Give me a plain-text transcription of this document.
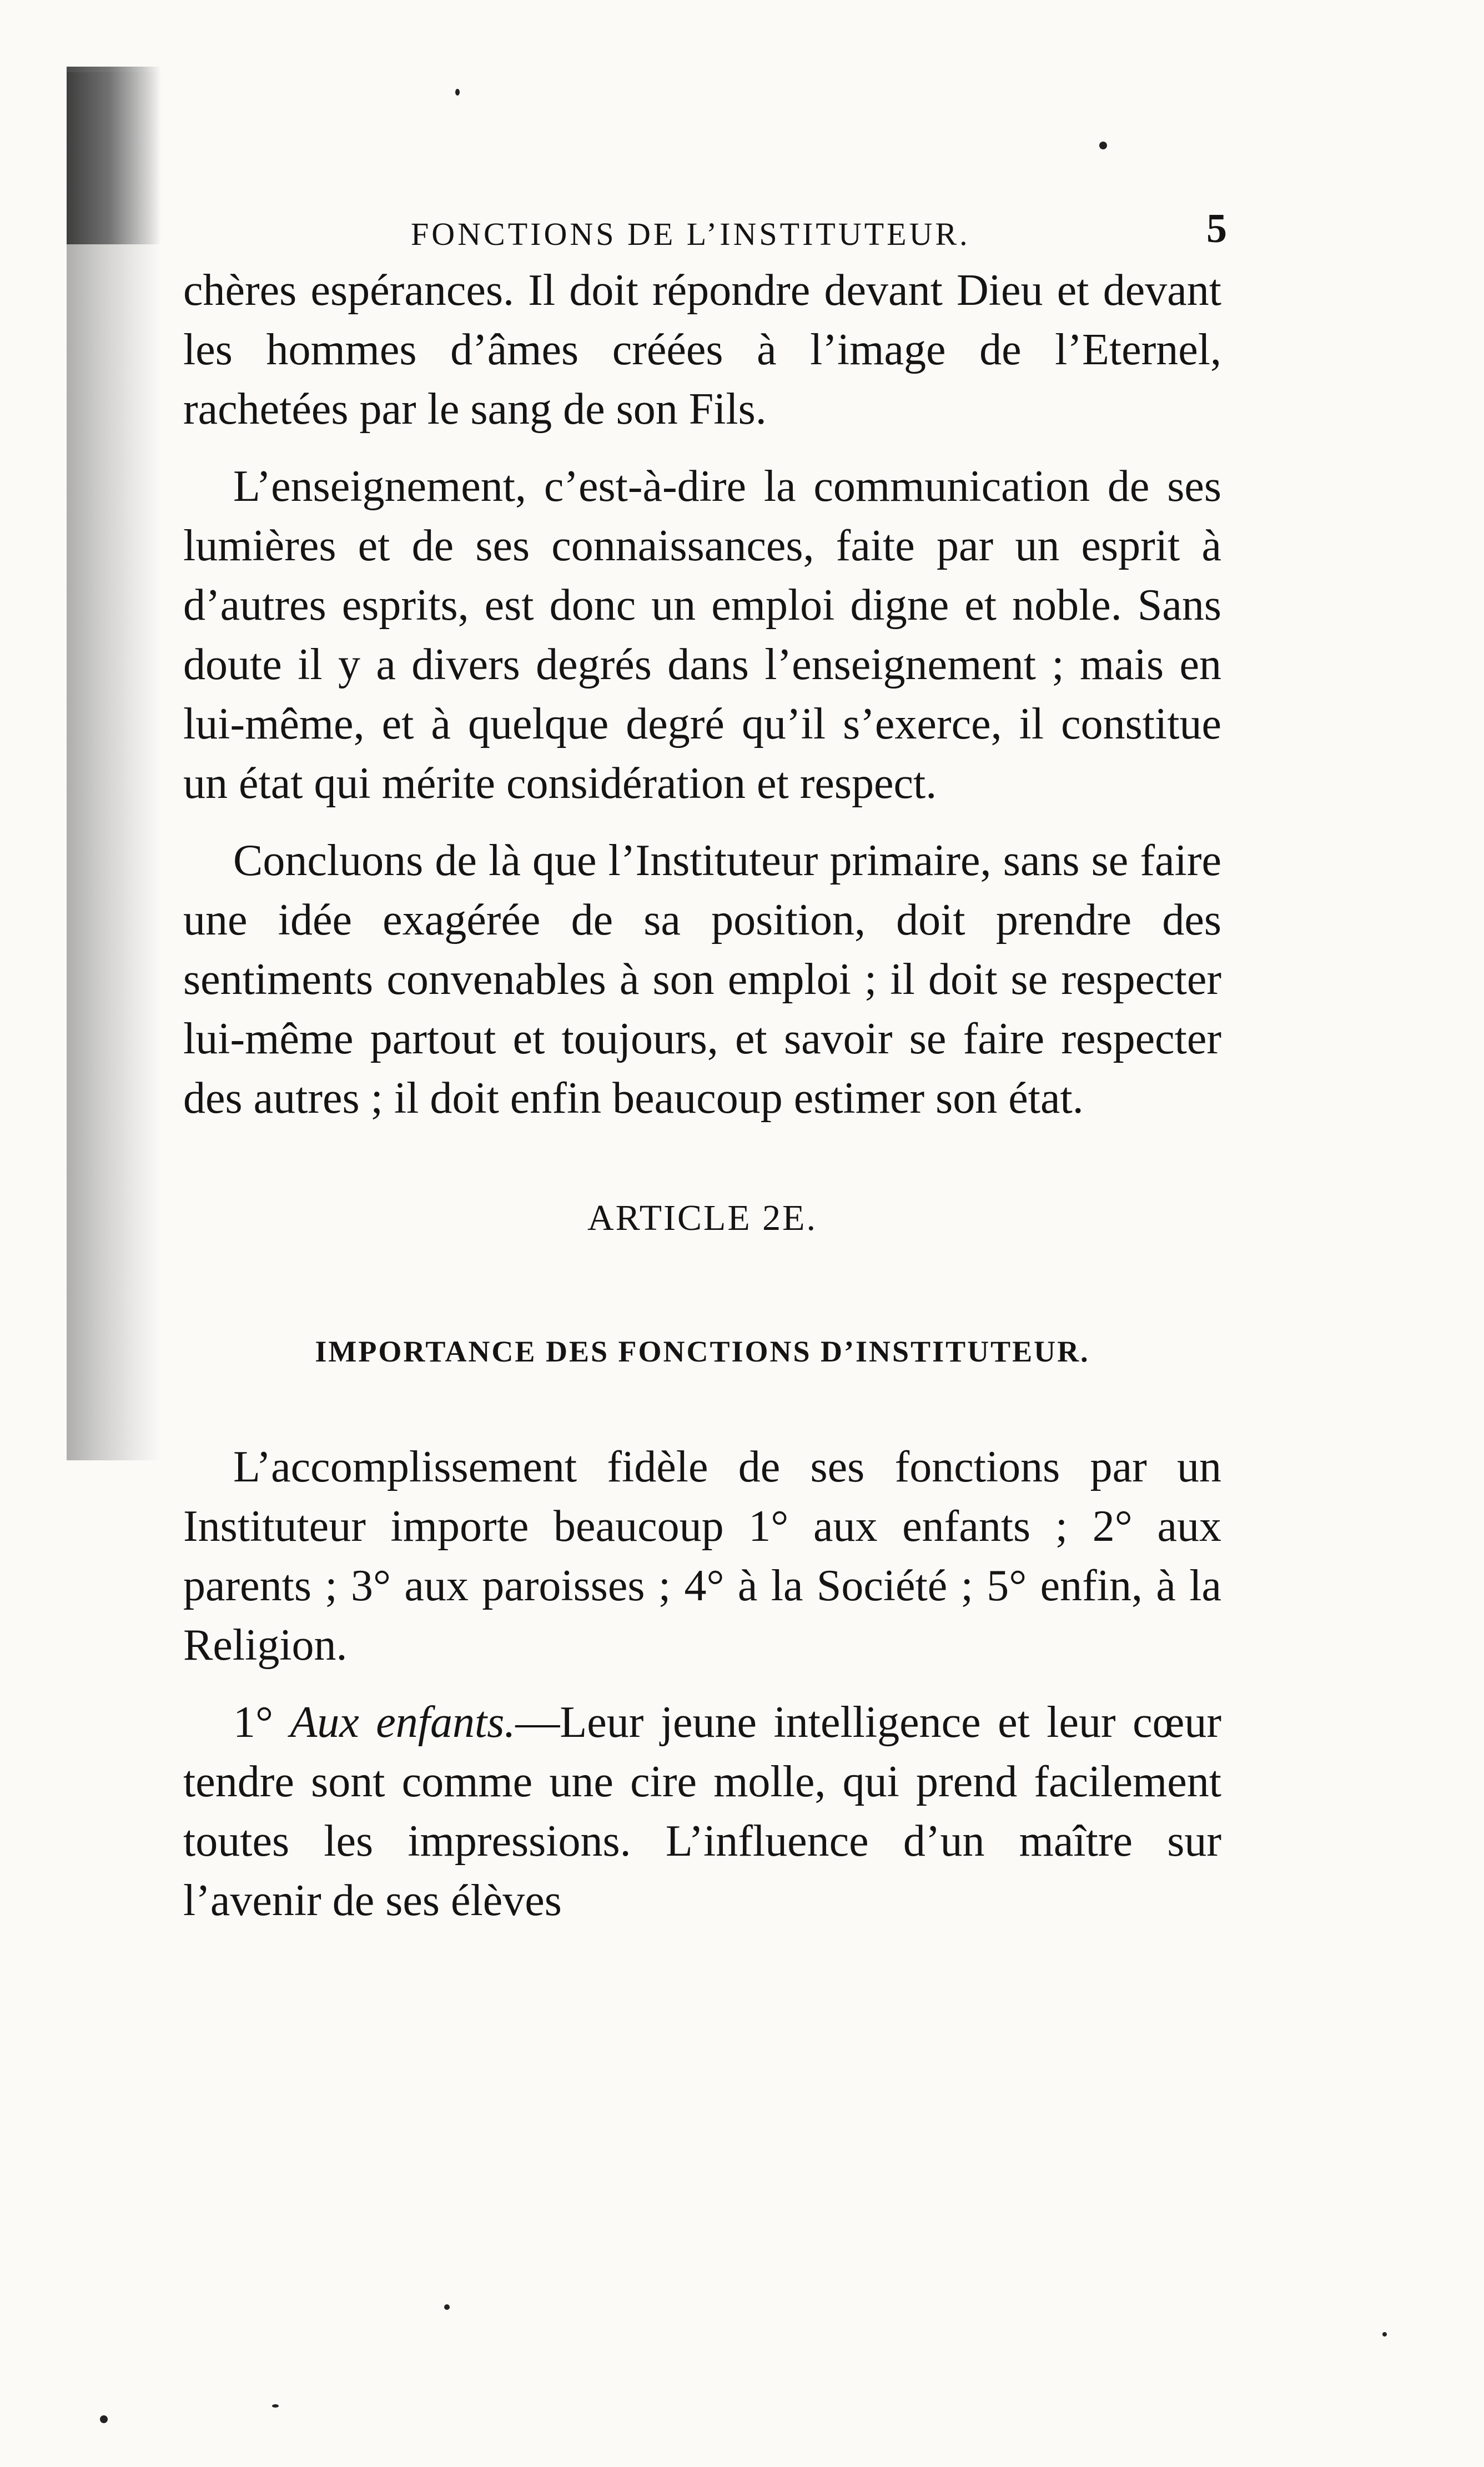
FONCTIONS DE L’INSTITUTEUR.	5

chères espérances. Il doit répondre devant Dieu et devant les hommes d’âmes créées à l’image de l’Eternel, rachetées par le sang de son Fils.

L’enseignement, c’est-à-dire la communication de ses lumières et de ses connaissances, faite par un esprit à d’autres esprits, est donc un emploi digne et noble. Sans doute il y a divers degrés dans l’enseignement ; mais en lui-même, et à quelque degré qu’il s’exerce, il constitue un état qui mérite considération et respect.

Concluons de là que l’Instituteur primaire, sans se faire une idée exagérée de sa position, doit prendre des sentiments convenables à son emploi ; il doit se respecter lui-même partout et toujours, et savoir se faire respecter des autres ; il doit enfin beaucoup estimer son état.

ARTICLE 2E.
IMPORTANCE DES FONCTIONS D’INSTITUTEUR.

L’accomplissement fidèle de ses fonctions par un Instituteur importe beaucoup 1° aux enfants ; 2° aux parents ; 3° aux paroisses ; 4° à la Société ; 5° enfin, à la Religion.

1° Aux enfants.—Leur jeune intelligence et leur cœur tendre sont comme une cire molle, qui prend facilement toutes les impressions. L’influence d’un maître sur l’avenir de ses élèves
